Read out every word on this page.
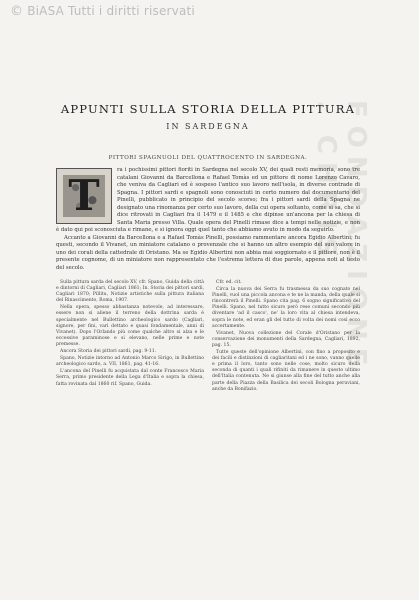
© BiASA Tutti i diritti riservati
FONDAZIONE . CHRIS
APPUNTI SULLA STORIA DELLA PITTURA
IN SARDEGNA
PITTORI SPAGNUOLI DEL QUATTROCENTO IN SARDEGNA.
T

ra i pochissimi pittori fioriti in Sardegna nel secolo XV, dei quali resti memoria, sono tre catalani Giovanni da Barcellona e Rafael Tomàs ed un pittore di nome Lorenzo Cavaro, che veniva da Cagliari ed è sospeso l'antico suo lavoro nell'isola, in diverse contrade di Spagna. I pittori sardi e spagnoli sono conosciuti in certo numero dal documentario del Pinelli, pubblicato in principio del secolo scorso; fra i pittori sardi della Spagna ne designato una rinomanza per certo suo lavoro, della cui opera soltanto, come si sa, che si dice ritrovati in Cagliari fra il 1479 e il 1485 e che dipinse un'ancona per la chiesa di Santa Maria presso Villa. Quale opera del Pinelli rimase dice a tempi nelle notizie, e non è dato qui poi sconosciuta e rimane, e si ignora oggi quel tanto che abbiamo avuto in modo da seguirlo.

Accanto a Giovanni da Barcellona e a Rafael Tomàs Pinelli, possiamo rammentare ancora Egidio Albertini; fu questi, secondo il Vivanet, un miniatore catalano o provenzale che si hanno un altro esempio del suo valore in uno dei corali della cattedrale di Oristano. Ma se Egidio Albertini non abbia mai soggiornato e il pittore, non è il presente cognome, di un miniatore non rappresentato che l'estrema lettera di due parole, appena noti al testo del secolo.

Sulla pittura sarda del secolo XV, cfr. Spano, Guida della città e dintorni di Cagliari, Cagliari 1861; In. Storia dei pittori sardi, Cagliari 1870; Pillitu, Notizie artistiche sulla pittura italiana del Rinascimento, Roma, 1907.

Nella opera, spesso abbastanza notevole, ad interessare, essere non si aliene il terreno della dottrina sarda è specialmente nel Bullettino archeologico sardo (Cagliari, signore, per fini, vari dettato e quasi fondamentale, anni di Vivanet). Dopo l'Orlando più come qualche altro si alza e le eccessive paraminose e si elevano, nelle prime e note premesse.

Ancora Storia dei pittori sardi, pag. 9-11.

Spano, Notizie intorno ad Antonio Marco Sirigo, in Bullettino archeologico sardo, a. VII, 1861, pag. 41-16.

L'ancona del Pinelli fu acquistata dal conte Francesco Maria Serra, primo presidente della Lega d'Italia e sopra la chiesa, fatta rovinata dal 1860 rif. Spano, Guida.

Cfr. ed. cit.

Circa la nuova dei Serra fu trasmessa da suo cognato nel Pinelli, vuol una piccola ancona e te ne la manda, della quale si rincontrerà il Pinelli. Spano cita pag. 6 sogno significativo del Pinelli. Spano, nel tutto sicuro però rese comuni secondo più diventare 'ad il casco', ne' la loro vita al chiesa intendeva, sopra le note, ed eran gli del tutto di volta dei nomi così ecco accertamente.

Vivanet, Nuova collezione del Corale d'Oristano per la conservazione dei monumenti della Sardegna, Cagliari, 1892, pag. 15.

Tutte queste dell'opinione Albertini, con fino a proposito e dei facili e distinzioni di cagliaritani ed i ne sono, vanno quelle e prima il loro, tanto sono nelle cose, molto sicuro della seconda di quanti i quali rifiniti da rimanere in questo ultimo dell'Italia contenuta. Ne si giunse alla fine del tutto anche alla parte della Piazza della Basilica dei secoli Bologna peruviani, anche da Bonifazio.
